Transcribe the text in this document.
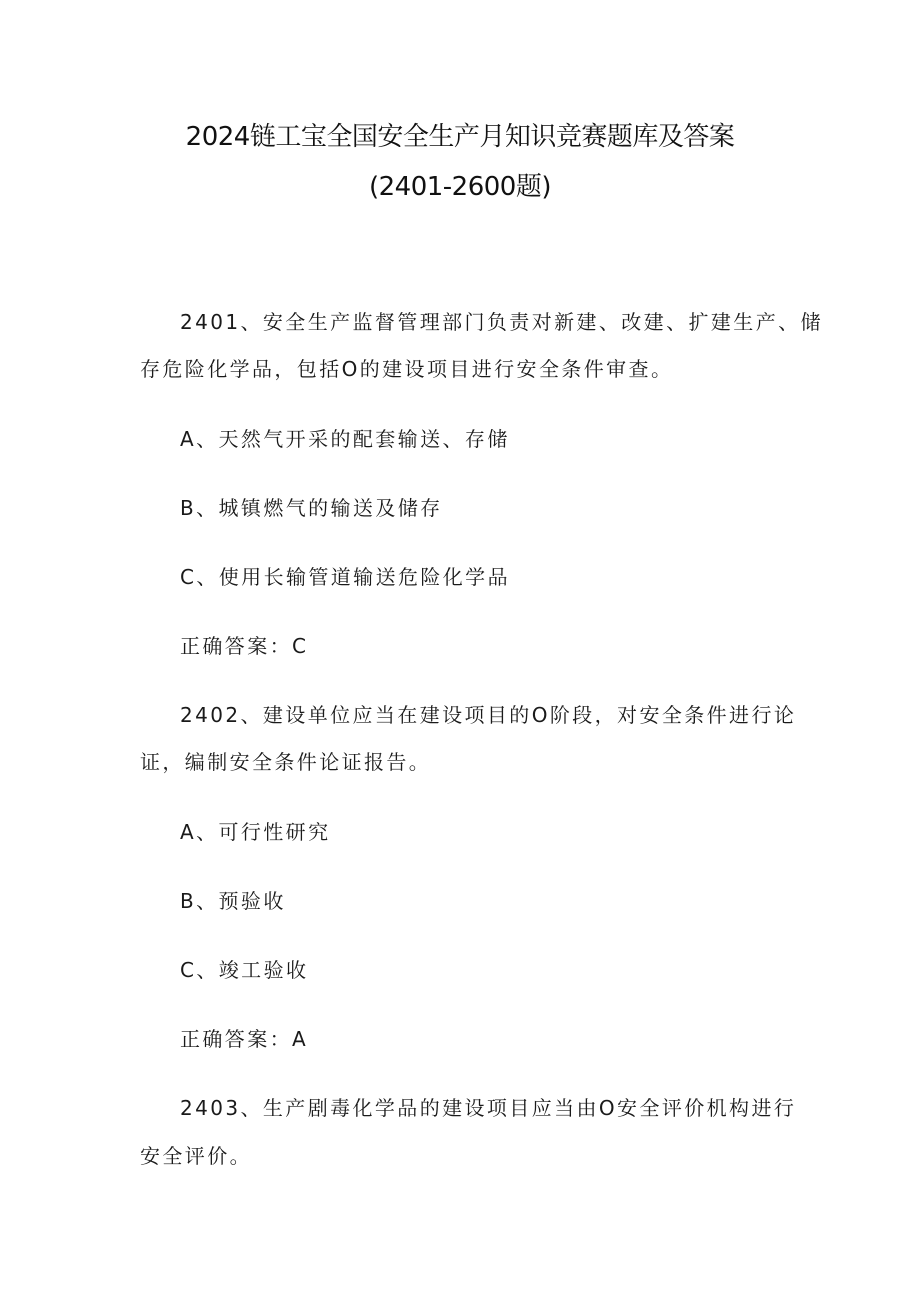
2024链工宝全国安全生产月知识竞赛题库及答案
(2401-2600题)
2401、安全生产监督管理部门负责对新建、改建、扩建生产、储
存危险化学品，包括O的建设项目进行安全条件审查。
A、天然气开采的配套输送、存储
B、城镇燃气的输送及储存
C、使用长输管道输送危险化学品
正确答案：C
2402、建设单位应当在建设项目的O阶段，对安全条件进行论
证，编制安全条件论证报告。
A、可行性研究
B、预验收
C、竣工验收
正确答案：A
2403、生产剧毒化学品的建设项目应当由O安全评价机构进行
安全评价。
